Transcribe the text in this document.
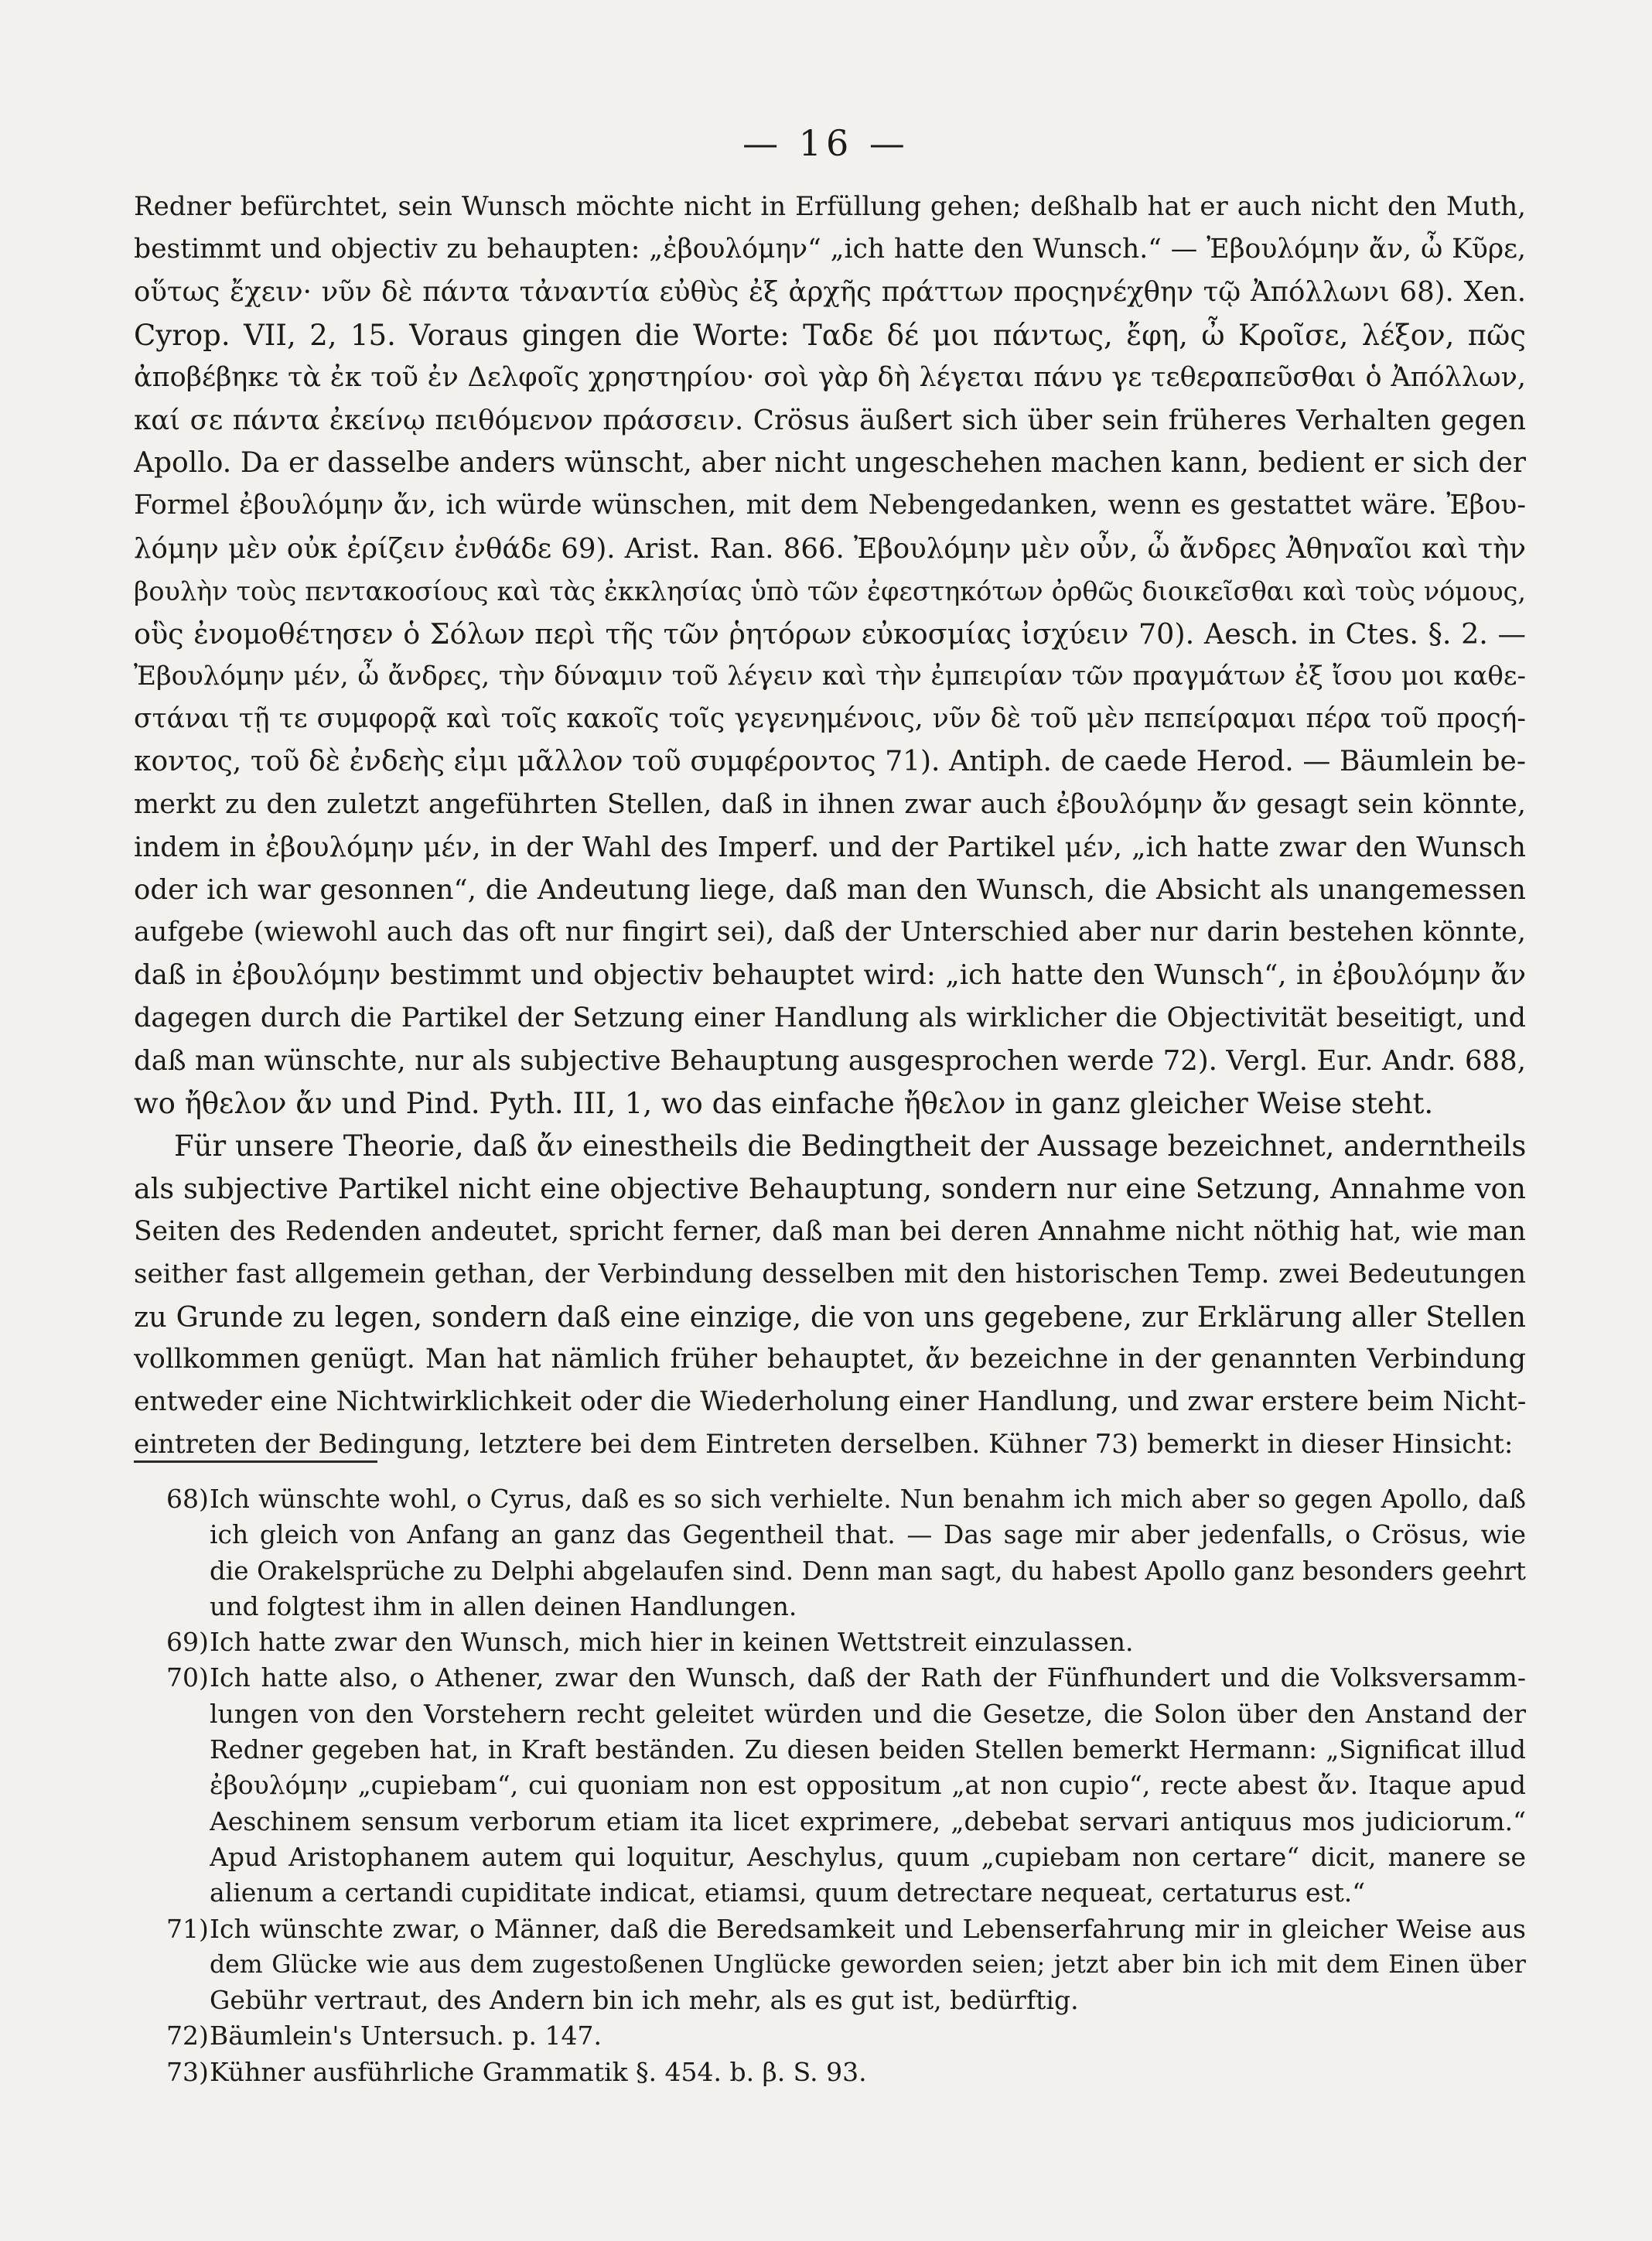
— 16 —
Redner befürchtet, sein Wunsch möchte nicht in Erfüllung gehen; deßhalb hat er auch nicht den Muth,
bestimmt und objectiv zu behaupten: „ἐβουλόμην“ „ich hatte den Wunsch.“ — Ἐβουλόμην ἄν, ὦ Κῦρε,
οὕτως ἔχειν· νῦν δὲ πάντα τἀναντία εὐθὺς ἐξ ἀρχῆς πράττων προςηνέχθην τῷ Ἀπόλλωνι 68). Xen.
Cyrop. VII, 2, 15. Voraus gingen die Worte: Ταδε δέ μοι πάντως, ἔφη, ὦ Κροῖσε, λέξον, πῶς
ἀποβέβηκε τὰ ἐκ τοῦ ἐν Δελφοῖς χρηστηρίου· σοὶ γὰρ δὴ λέγεται πάνυ γε τεθεραπεῦσθαι ὁ Ἀπόλλων,
καί σε πάντα ἐκείνῳ πειθόμενον πράσσειν. Crösus äußert sich über sein früheres Verhalten gegen
Apollo. Da er dasselbe anders wünscht, aber nicht ungeschehen machen kann, bedient er sich der
Formel ἐβουλόμην ἄν, ich würde wünschen, mit dem Nebengedanken, wenn es gestattet wäre. Ἐβου-
λόμην μὲν οὐκ ἐρίζειν ἐνθάδε 69). Arist. Ran. 866. Ἐβουλόμην μὲν οὖν, ὦ ἄνδρες Ἀθηναῖοι καὶ τὴν
βουλὴν τοὺς πεντακοσίους καὶ τὰς ἐκκλησίας ὑπὸ τῶν ἐφεστηκότων ὀρθῶς διοικεῖσθαι καὶ τοὺς νόμους,
οὓς ἐνομοθέτησεν ὁ Σόλων περὶ τῆς τῶν ῥητόρων εὐκοσμίας ἰσχύειν 70). Aesch. in Ctes. §. 2. —
Ἐβουλόμην μέν, ὦ ἄνδρες, τὴν δύναμιν τοῦ λέγειν καὶ τὴν ἐμπειρίαν τῶν πραγμάτων ἐξ ἴσου μοι καθε-
στάναι τῇ τε συμφορᾷ καὶ τοῖς κακοῖς τοῖς γεγενημένοις, νῦν δὲ τοῦ μὲν πεπείραμαι πέρα τοῦ προςή-
κοντος, τοῦ δὲ ἐνδεὴς εἰμι μᾶλλον τοῦ συμφέροντος 71). Antiph. de caede Herod. — Bäumlein be-
merkt zu den zuletzt angeführten Stellen, daß in ihnen zwar auch ἐβουλόμην ἄν gesagt sein könnte,
indem in ἐβουλόμην μέν, in der Wahl des Imperf. und der Partikel μέν, „ich hatte zwar den Wunsch
oder ich war gesonnen“, die Andeutung liege, daß man den Wunsch, die Absicht als unangemessen
aufgebe (wiewohl auch das oft nur fingirt sei), daß der Unterschied aber nur darin bestehen könnte,
daß in ἐβουλόμην bestimmt und objectiv behauptet wird: „ich hatte den Wunsch“, in ἐβουλόμην ἄν
dagegen durch die Partikel der Setzung einer Handlung als wirklicher die Objectivität beseitigt, und
daß man wünschte, nur als subjective Behauptung ausgesprochen werde 72). Vergl. Eur. Andr. 688,
wo ἤθελον ἄν und Pind. Pyth. III, 1, wo das einfache ἤθελον in ganz gleicher Weise steht.
Für unsere Theorie, daß ἄν einestheils die Bedingtheit der Aussage bezeichnet, anderntheils
als subjective Partikel nicht eine objective Behauptung, sondern nur eine Setzung, Annahme von
Seiten des Redenden andeutet, spricht ferner, daß man bei deren Annahme nicht nöthig hat, wie man
seither fast allgemein gethan, der Verbindung desselben mit den historischen Temp. zwei Bedeutungen
zu Grunde zu legen, sondern daß eine einzige, die von uns gegebene, zur Erklärung aller Stellen
vollkommen genügt. Man hat nämlich früher behauptet, ἄν bezeichne in der genannten Verbindung
entweder eine Nichtwirklichkeit oder die Wiederholung einer Handlung, und zwar erstere beim Nicht-
eintreten der Bedingung, letztere bei dem Eintreten derselben. Kühner 73) bemerkt in dieser Hinsicht:
68) Ich wünschte wohl, o Cyrus, daß es so sich verhielte. Nun benahm ich mich aber so gegen Apollo, daß
ich gleich von Anfang an ganz das Gegentheil that. — Das sage mir aber jedenfalls, o Crösus, wie
die Orakelsprüche zu Delphi abgelaufen sind. Denn man sagt, du habest Apollo ganz besonders geehrt
und folgtest ihm in allen deinen Handlungen.
69) Ich hatte zwar den Wunsch, mich hier in keinen Wettstreit einzulassen.
70) Ich hatte also, o Athener, zwar den Wunsch, daß der Rath der Fünfhundert und die Volksversamm-
lungen von den Vorstehern recht geleitet würden und die Gesetze, die Solon über den Anstand der
Redner gegeben hat, in Kraft beständen. Zu diesen beiden Stellen bemerkt Hermann: „Significat illud
ἐβουλόμην „cupiebam“, cui quoniam non est oppositum „at non cupio“, recte abest ἄν. Itaque apud
Aeschinem sensum verborum etiam ita licet exprimere, „debebat servari antiquus mos judiciorum.“
Apud Aristophanem autem qui loquitur, Aeschylus, quum „cupiebam non certare“ dicit, manere se
alienum a certandi cupiditate indicat, etiamsi, quum detrectare nequeat, certaturus est.“
71) Ich wünschte zwar, o Männer, daß die Beredsamkeit und Lebenserfahrung mir in gleicher Weise aus
dem Glücke wie aus dem zugestoßenen Unglücke geworden seien; jetzt aber bin ich mit dem Einen über
Gebühr vertraut, des Andern bin ich mehr, als es gut ist, bedürftig.
72) Bäumlein's Untersuch. p. 147.
73) Kühner ausführliche Grammatik §. 454. b. β. S. 93.
